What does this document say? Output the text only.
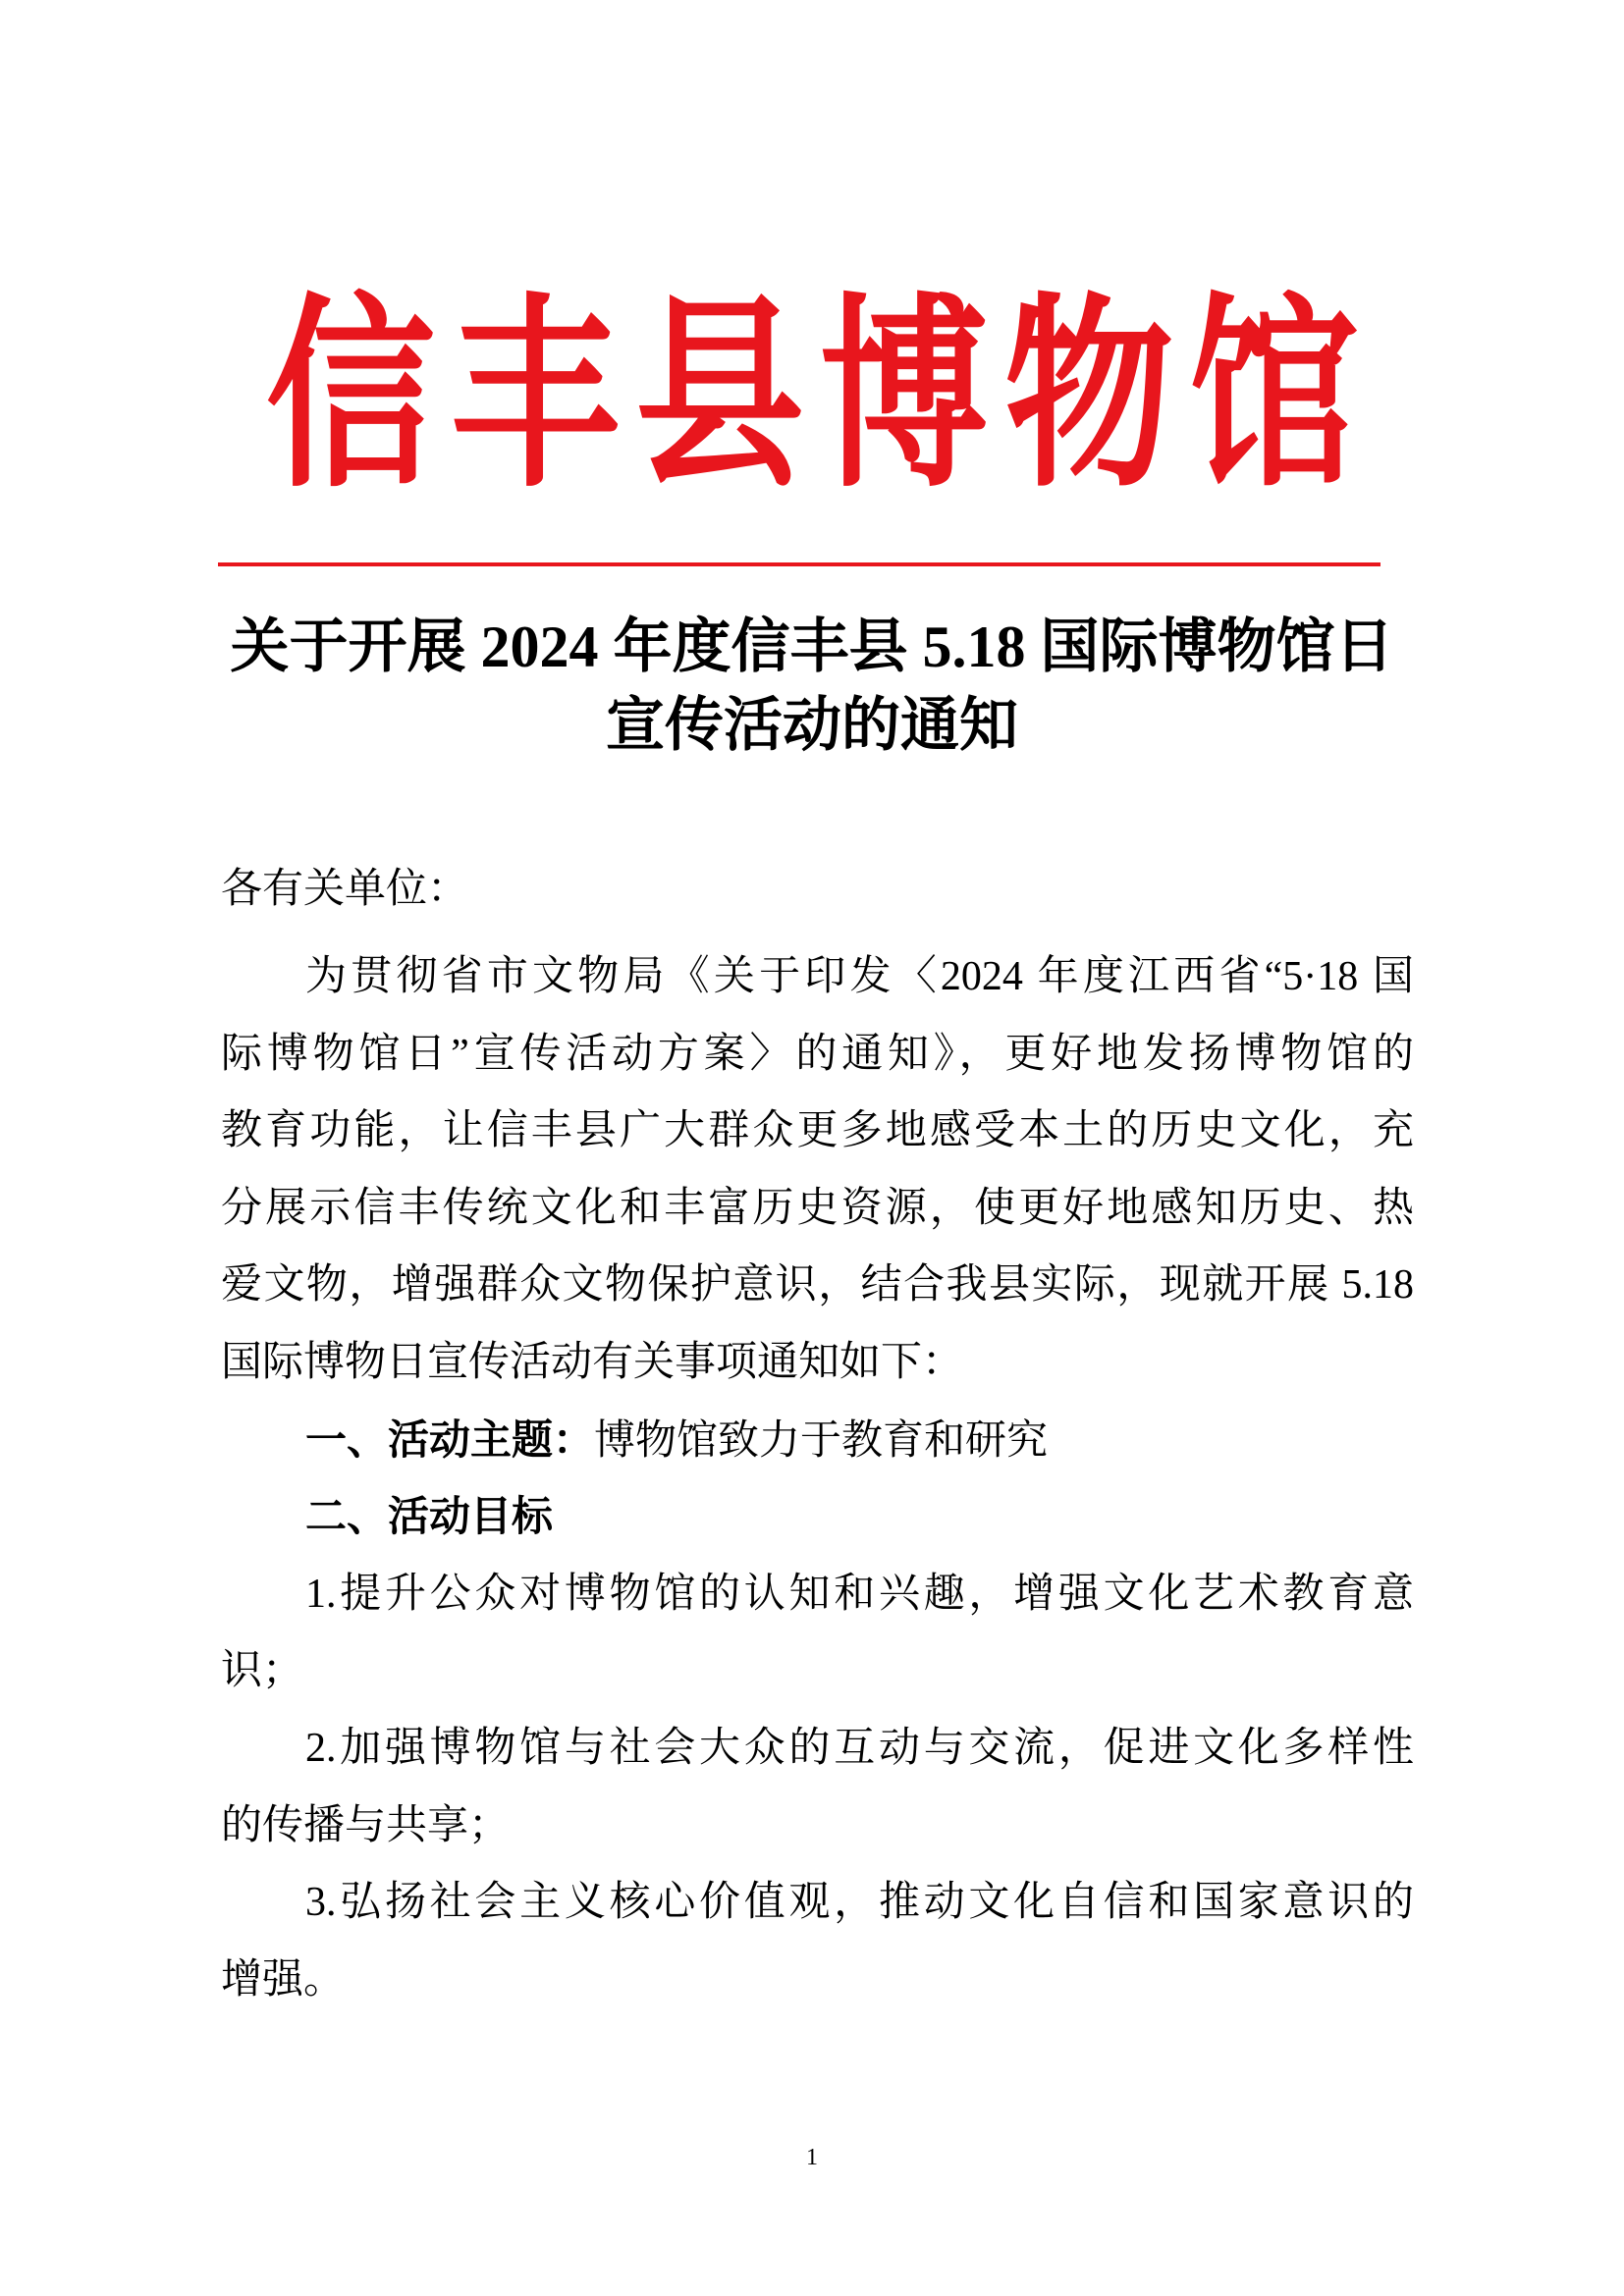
信丰县博物馆
关于开展 2024 年度信丰县 5.18 国际博物馆日
宣传活动的通知
各有关单位：
为贯彻省市文物局《关于印发〈2024 年度江西省“5·18 国
际博物馆日”宣传活动方案〉的通知》，更好地发扬博物馆的
教育功能，让信丰县广大群众更多地感受本土的历史文化，充
分展示信丰传统文化和丰富历史资源，使更好地感知历史、热
爱文物，增强群众文物保护意识，结合我县实际，现就开展 5.18
国际博物日宣传活动有关事项通知如下：
一、活动主题：博物馆致力于教育和研究
二、活动目标
1.提升公众对博物馆的认知和兴趣，增强文化艺术教育意
识；
2.加强博物馆与社会大众的互动与交流，促进文化多样性
的传播与共享；
3.弘扬社会主义核心价值观，推动文化自信和国家意识的
增强。
1
